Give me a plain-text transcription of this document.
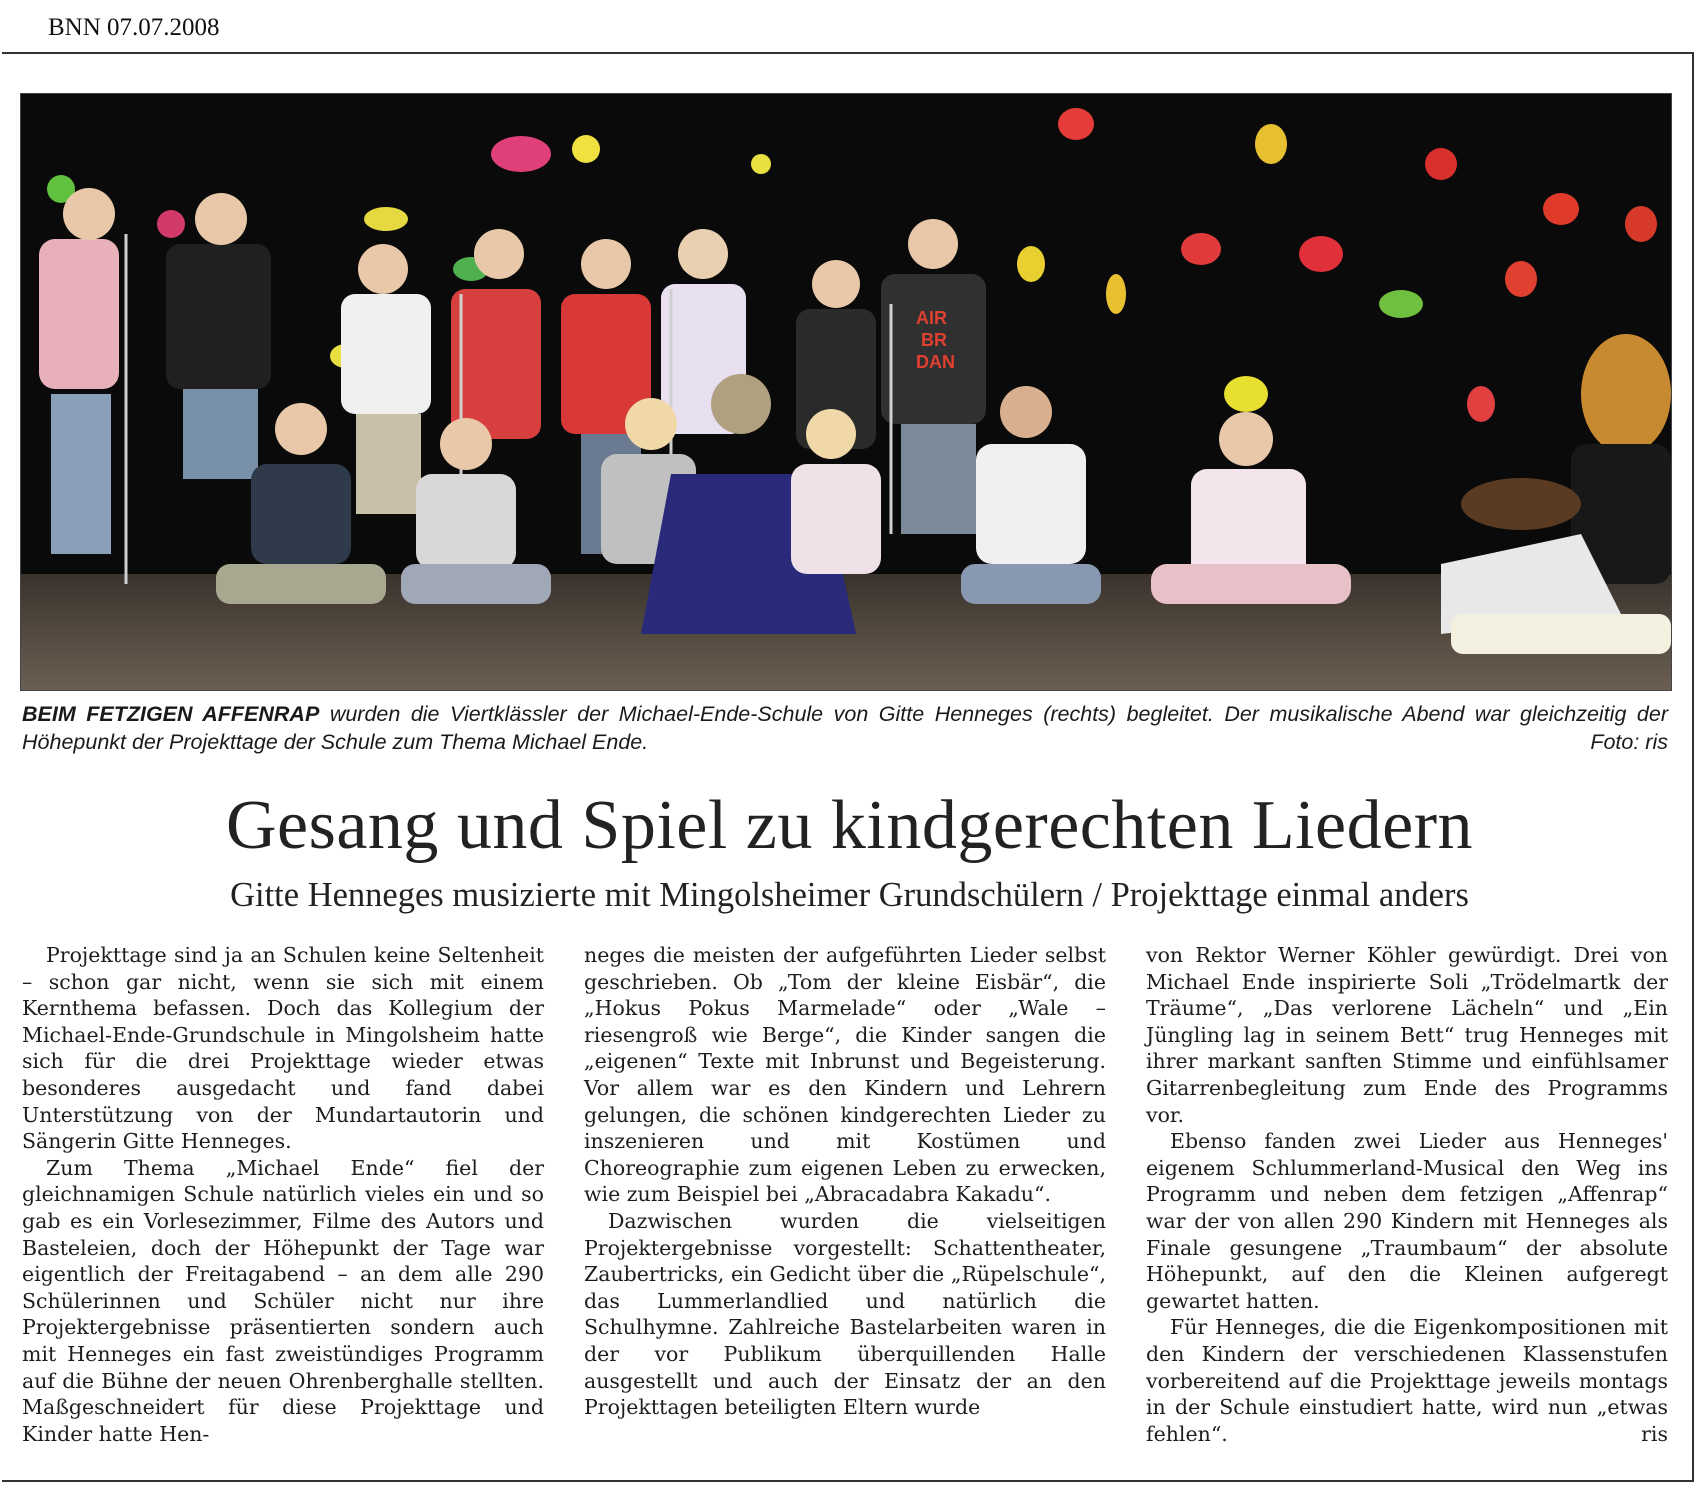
BNN 07.07.2008
AIR
BR
DAN
BEIM FETZIGEN AFFENRAP wurden die Viertklässler der Michael-Ende-Schule von Gitte Henneges (rechts) begleitet. Der musikalische Abend war gleichzeitig der Höhepunkt der Projekttage der Schule zum Thema Michael Ende.	Foto: ris
Gesang und Spiel zu kindgerechten Liedern
Gitte Henneges musizierte mit Mingolsheimer Grundschülern / Projekttage einmal anders

Projekttage sind ja an Schulen keine Seltenheit – schon gar nicht, wenn sie sich mit einem Kernthema befassen. Doch das Kollegium der Michael-Ende-Grundschule in Mingolsheim hatte sich für die drei Projekttage wieder etwas besonderes ausgedacht und fand dabei Unterstützung von der Mundartautorin und Sängerin Gitte Henneges.

Zum Thema „Michael Ende“ fiel der gleichnamigen Schule natürlich vieles ein und so gab es ein Vorlesezimmer, Filme des Autors und Basteleien, doch der Höhepunkt der Tage war eigentlich der Freitagabend – an dem alle 290 Schülerinnen und Schüler nicht nur ihre Projektergebnisse präsentierten sondern auch mit Henneges ein fast zweistündiges Programm auf die Bühne der neuen Ohrenberghalle stellten. Maßgeschneidert für diese Projekttage und Kinder hatte Hen-

neges die meisten der aufgeführten Lieder selbst geschrieben. Ob „Tom der kleine Eisbär“, die „Hokus Pokus Marmelade“ oder „Wale – riesengroß wie Berge“, die Kinder sangen die „eigenen“ Texte mit Inbrunst und Begeisterung. Vor allem war es den Kindern und Lehrern gelungen, die schönen kindgerechten Lieder zu inszenieren und mit Kostümen und Choreographie zum eigenen Leben zu erwecken, wie zum Beispiel bei „Abracadabra Kakadu“.

Dazwischen wurden die vielseitigen Projektergebnisse vorgestellt: Schattentheater, Zaubertricks, ein Gedicht über die „Rüpelschule“, das Lummerlandlied und natürlich die Schulhymne. Zahlreiche Bastelarbeiten waren in der vor Publikum überquillenden Halle ausgestellt und auch der Einsatz der an den Projekttagen beteiligten Eltern wurde

von Rektor Werner Köhler gewürdigt. Drei von Michael Ende inspirierte Soli „Trödelmartk der Träume“, „Das verlorene Lächeln“ und „Ein Jüngling lag in seinem Bett“ trug Henneges mit ihrer markant sanften Stimme und einfühlsamer Gitarrenbegleitung zum Ende des Programms vor.

Ebenso fanden zwei Lieder aus Henneges' eigenem Schlummerland-Musical den Weg ins Programm und neben dem fetzigen „Affenrap“ war der von allen 290 Kindern mit Henneges als Finale gesungene „Traumbaum“ der absolute Höhepunkt, auf den die Kleinen aufgeregt gewartet hatten.

Für Henneges, die die Eigenkompositionen mit den Kindern der verschiedenen Klassenstufen vorbereitend auf die Projekttage jeweils montags in der Schule einstudiert hatte, wird nun „etwas fehlen“.	ris
